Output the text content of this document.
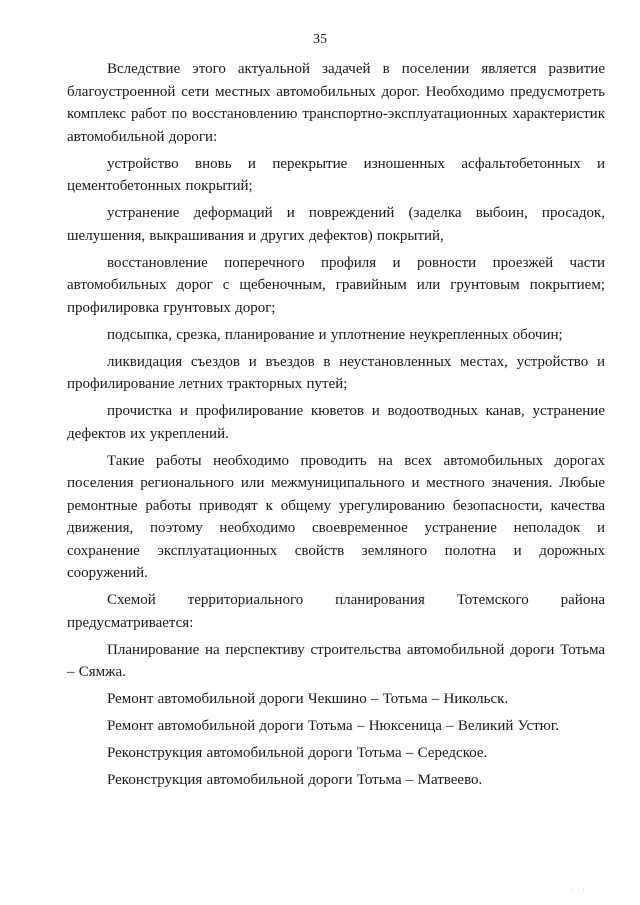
35

Вследствие этого актуальной задачей в поселении является развитие благоустроенной сети местных автомобильных дорог. Необходимо предусмотреть комплекс работ по восстановлению транспортно-эксплуатационных характеристик автомобильной дороги:

устройство вновь и перекрытие изношенных асфальтобетонных и цементобетонных покрытий;

устранение деформаций и повреждений (заделка выбоин, просадок, шелушения, выкрашивания и других дефектов) покрытий,

восстановление поперечного профиля и ровности проезжей части автомобильных дорог с щебеночным, гравийным или грунтовым покрытием; профилировка грунтовых дорог;

подсыпка, срезка, планирование и уплотнение неукрепленных обочин;

ликвидация съездов и въездов в неустановленных местах, устройство и профилирование летних тракторных путей;

прочистка и профилирование кюветов и водоотводных канав, устранение дефектов их укреплений.

Такие работы необходимо проводить на всех автомобильных дорогах поселения регионального или межмуниципального и местного значения. Любые ремонтные работы приводят к общему урегулированию безопасности, качества движения, поэтому необходимо своевременное устранение неполадок и сохранение эксплуатационных свойств земляного полотна и дорожных сооружений.

Схемой территориального планирования Тотемского района предусматривается:

Планирование на перспективу строительства автомобильной дороги Тотьма – Сямжа.

Ремонт автомобильной дороги Чекшино – Тотьма – Никольск.

Ремонт автомобильной дороги Тотьма – Нюксеница – Великий Устюг.

Реконструкция автомобильной дороги Тотьма – Середское.

Реконструкция автомобильной дороги Тотьма – Матвеево.

· ·
